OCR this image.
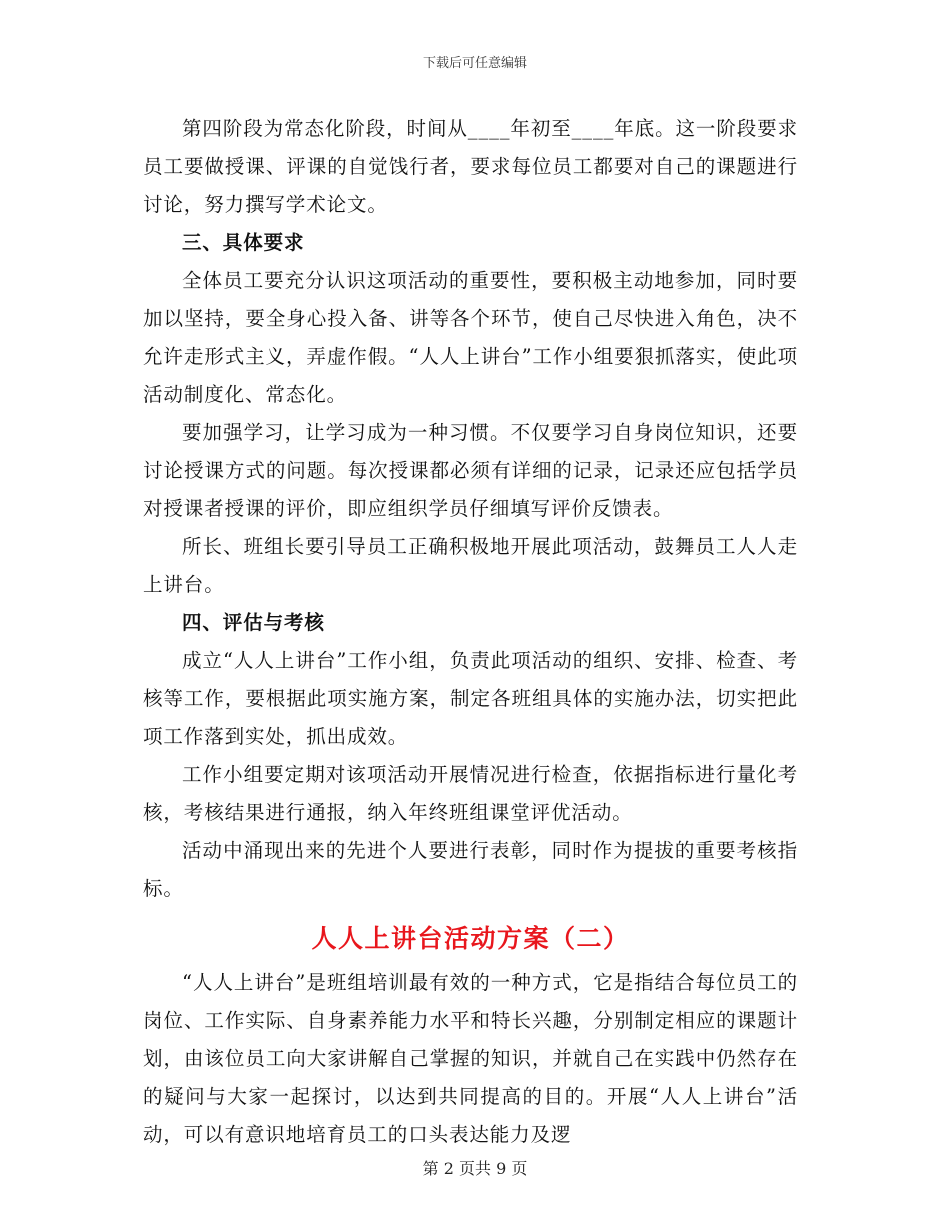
下载后可任意编辑

第四阶段为常态化阶段，时间从____年初至____年底。这一阶段要求员工要做授课、评课的自觉饯行者，要求每位员工都要对自己的课题进行讨论，努力撰写学术论文。

三、具体要求

全体员工要充分认识这项活动的重要性，要积极主动地参加，同时要加以坚持，要全身心投入备、讲等各个环节，使自己尽快进入角色，决不允许走形式主义，弄虚作假。“人人上讲台”工作小组要狠抓落实，使此项活动制度化、常态化。

要加强学习，让学习成为一种习惯。不仅要学习自身岗位知识，还要讨论授课方式的问题。每次授课都必须有详细的记录，记录还应包括学员对授课者授课的评价，即应组织学员仔细填写评价反馈表。

所长、班组长要引导员工正确积极地开展此项活动，鼓舞员工人人走上讲台。

四、评估与考核

成立“人人上讲台”工作小组，负责此项活动的组织、安排、检查、考核等工作，要根据此项实施方案，制定各班组具体的实施办法，切实把此项工作落到实处，抓出成效。

工作小组要定期对该项活动开展情况进行检查，依据指标进行量化考核，考核结果进行通报，纳入年终班组课堂评优活动。

活动中涌现出来的先进个人要进行表彰，同时作为提拔的重要考核指标。

人人上讲台活动方案（二）

“人人上讲台”是班组培训最有效的一种方式，它是指结合每位员工的岗位、工作实际、自身素养能力水平和特长兴趣，分别制定相应的课题计划，由该位员工向大家讲解自己掌握的知识，并就自己在实践中仍然存在的疑问与大家一起探讨，以达到共同提高的目的。开展“人人上讲台”活动，可以有意识地培育员工的口头表达能力及逻

第 2 页共 9 页
